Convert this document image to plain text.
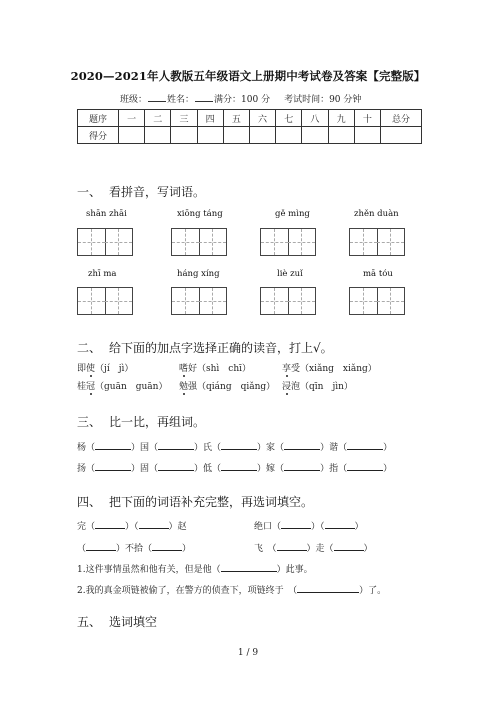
2020—2021年人教版五年级语文上册期中考试卷及答案【完整版】
班级： 姓名： 满分：100 分 考试时间：90 分钟
题序	一	二	三	四	五	六	七	八	九	十	总分
得分											
一、 看拼音，写词语。
shān zhāi	xiōng táng	gě mìng	zhěn duàn
zhī ma	háng xíng	liè zuǐ	mā tóu
二、 给下面的加点字选择正确的读音，打上√。
即使（jí　jì）	嗜好（shì　chī）	享受（xiǎng　xiǎng）
桂冠（guān　guān） 勉强（qiáng　qiǎng） 浸泡（qīn　jìn）
三、 比一比，再组词。
杨（	）国（	）氏（	）家（	）谐（	）
扬（	）固（	）低（	）嫁（	）指（	）
四、 把下面的词语补充完整，再选词填空。
完（	）（	）赵	绝口（	）（	）
（	）不拾（	）	飞　（	）走（	）
1.这件事情虽然和他有关，但是他（	）此事。
2.我的真金项链被偷了，在警方的侦查下，项链终于　（	）了。
五、 选词填空
1 / 9
